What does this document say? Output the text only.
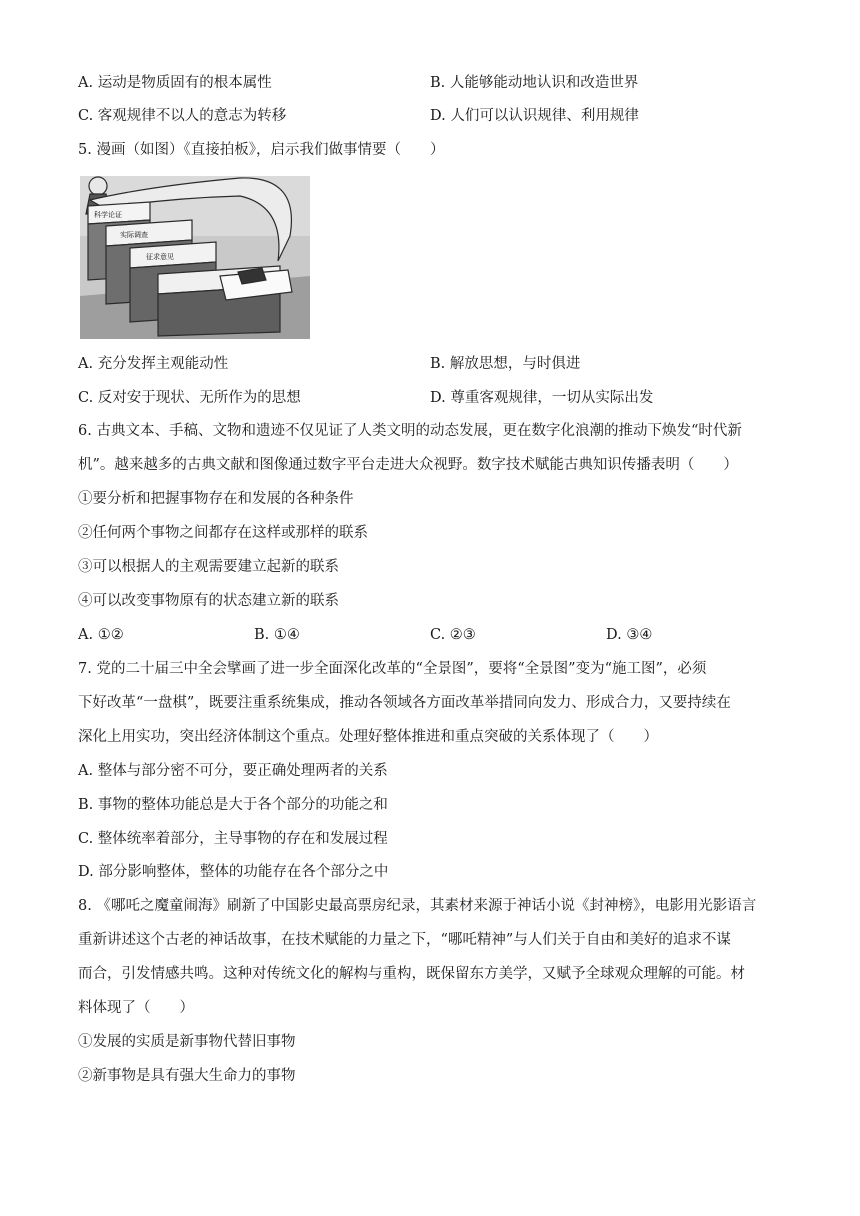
A. 运动是物质固有的根本属性	B. 人能够能动地认识和改造世界
C. 客观规律不以人的意志为转移	D. 人们可以认识规律、利用规律
5. 漫画（如图）《直接拍板》，启示我们做事情要（　　）
科学论证
实际调查
征求意见
A. 充分发挥主观能动性	B. 解放思想，与时俱进
C. 反对安于现状、无所作为的思想	D. 尊重客观规律，一切从实际出发
6. 古典文本、手稿、文物和遗迹不仅见证了人类文明的动态发展，更在数字化浪潮的推动下焕发“时代新
机”。越来越多的古典文献和图像通过数字平台走进大众视野。数字技术赋能古典知识传播表明（　　）
①要分析和把握事物存在和发展的各种条件
②任何两个事物之间都存在这样或那样的联系
③可以根据人的主观需要建立起新的联系
④可以改变事物原有的状态建立新的联系
A. ①②	B. ①④	C. ②③	D. ③④
7. 党的二十届三中全会擘画了进一步全面深化改革的“全景图”，要将“全景图”变为“施工图”，必须
下好改革“一盘棋”，既要注重系统集成，推动各领域各方面改革举措同向发力、形成合力，又要持续在
深化上用实功，突出经济体制这个重点。处理好整体推进和重点突破的关系体现了（　　）
A. 整体与部分密不可分，要正确处理两者的关系
B. 事物的整体功能总是大于各个部分的功能之和
C. 整体统率着部分，主导事物的存在和发展过程
D. 部分影响整体，整体的功能存在各个部分之中
8. 《哪吒之魔童闹海》刷新了中国影史最高票房纪录，其素材来源于神话小说《封神榜》，电影用光影语言
重新讲述这个古老的神话故事，在技术赋能的力量之下，“哪吒精神”与人们关于自由和美好的追求不谋
而合，引发情感共鸣。这种对传统文化的解构与重构，既保留东方美学，又赋予全球观众理解的可能。材
料体现了（　　）
①发展的实质是新事物代替旧事物
②新事物是具有强大生命力的事物
